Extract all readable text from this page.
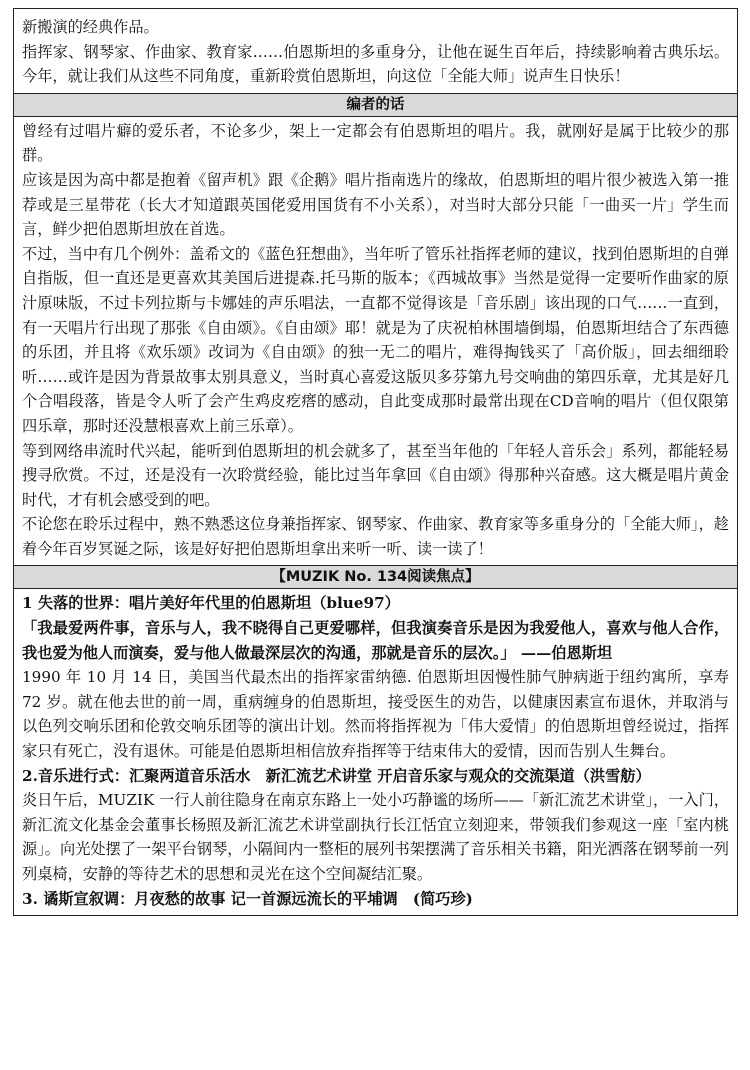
新搬演的经典作品。

指挥家、钢琴家、作曲家、教育家……伯恩斯坦的多重身分，让他在诞生百年后，持续影响着古典乐坛。今年，就让我们从这些不同角度，重新聆赏伯恩斯坦，向这位「全能大师」说声生日快乐！

编者的话

曾经有过唱片癖的爱乐者，不论多少，架上一定都会有伯恩斯坦的唱片。我，就刚好是属于比较少的那群。

应该是因为高中都是抱着《留声机》跟《企鹅》唱片指南选片的缘故，伯恩斯坦的唱片很少被选入第一推荐或是三星带花（长大才知道跟英国佬爱用国货有不小关系），对当时大部分只能「一曲买一片」学生而言，鲜少把伯恩斯坦放在首选。

不过，当中有几个例外：盖希文的《蓝色狂想曲》，当年听了管乐社指挥老师的建议，找到伯恩斯坦的自弹自指版，但一直还是更喜欢其美国后进提森.托马斯的版本；《西城故事》当然是觉得一定要听作曲家的原汁原味版，不过卡列拉斯与卡娜娃的声乐唱法，一直都不觉得该是「音乐剧」该出现的口气……一直到，有一天唱片行出现了那张《自由颂》。《自由颂》耶！就是为了庆祝柏林围墙倒塌，伯恩斯坦结合了东西德的乐团，并且将《欢乐颂》改词为《自由颂》的独一无二的唱片，难得掏钱买了「高价版」，回去细细聆听……或许是因为背景故事太别具意义，当时真心喜爱这版贝多芬第九号交响曲的第四乐章，尤其是好几个合唱段落，皆是令人听了会产生鸡皮疙瘩的感动，自此变成那时最常出现在CD音响的唱片（但仅限第四乐章，那时还没慧根喜欢上前三乐章）。

等到网络串流时代兴起，能听到伯恩斯坦的机会就多了，甚至当年他的「年轻人音乐会」系列，都能轻易搜寻欣赏。不过，还是没有一次聆赏经验，能比过当年拿回《自由颂》得那种兴奋感。这大概是唱片黄金时代，才有机会感受到的吧。

不论您在聆乐过程中，熟不熟悉这位身兼指挥家、钢琴家、作曲家、教育家等多重身分的「全能大师」，趁着今年百岁冥诞之际，该是好好把伯恩斯坦拿出来听一听、读一读了！

【MUZIK No. 134阅读焦点】

1 失落的世界：唱片美好年代里的伯恩斯坦（blue97）

「我最爱两件事，音乐与人，我不晓得自己更爱哪样，但我演奏音乐是因为我爱他人，喜欢与他人合作，我也爱为他人而演奏，爱与他人做最深层次的沟通，那就是音乐的层次。」 ——伯恩斯坦

1990 年 10 月 14 日，美国当代最杰出的指挥家雷纳德. 伯恩斯坦因慢性肺气肿病逝于纽约寓所，享寿 72 岁。就在他去世的前一周，重病缠身的伯恩斯坦，接受医生的劝告，以健康因素宣布退休，并取消与以色列交响乐团和伦敦交响乐团等的演出计划。然而将指挥视为「伟大爱情」的伯恩斯坦曾经说过，指挥家只有死亡，没有退休。可能是伯恩斯坦相信放弃指挥等于结束伟大的爱情，因而告别人生舞台。

2.音乐进行式：汇聚两道音乐活水　新汇流艺术讲堂 开启音乐家与观众的交流渠道（洪雪舫）

炎日午后，MUZIK 一行人前往隐身在南京东路上一处小巧静谧的场所——「新汇流艺术讲堂」，一入门，新汇流文化基金会董事长杨照及新汇流艺术讲堂副执行长江恬宜立刻迎来，带领我们参观这一座「室内桃源」。向光处摆了一架平台钢琴，小隔间内一整柜的展列书架摆满了音乐相关书籍，阳光洒落在钢琴前一列列桌椅，安静的等待艺术的思想和灵光在这个空间凝结汇聚。

3. 谲斯宣叙调：月夜愁的故事 记一首源远流长的平埔调　(简巧珍)
